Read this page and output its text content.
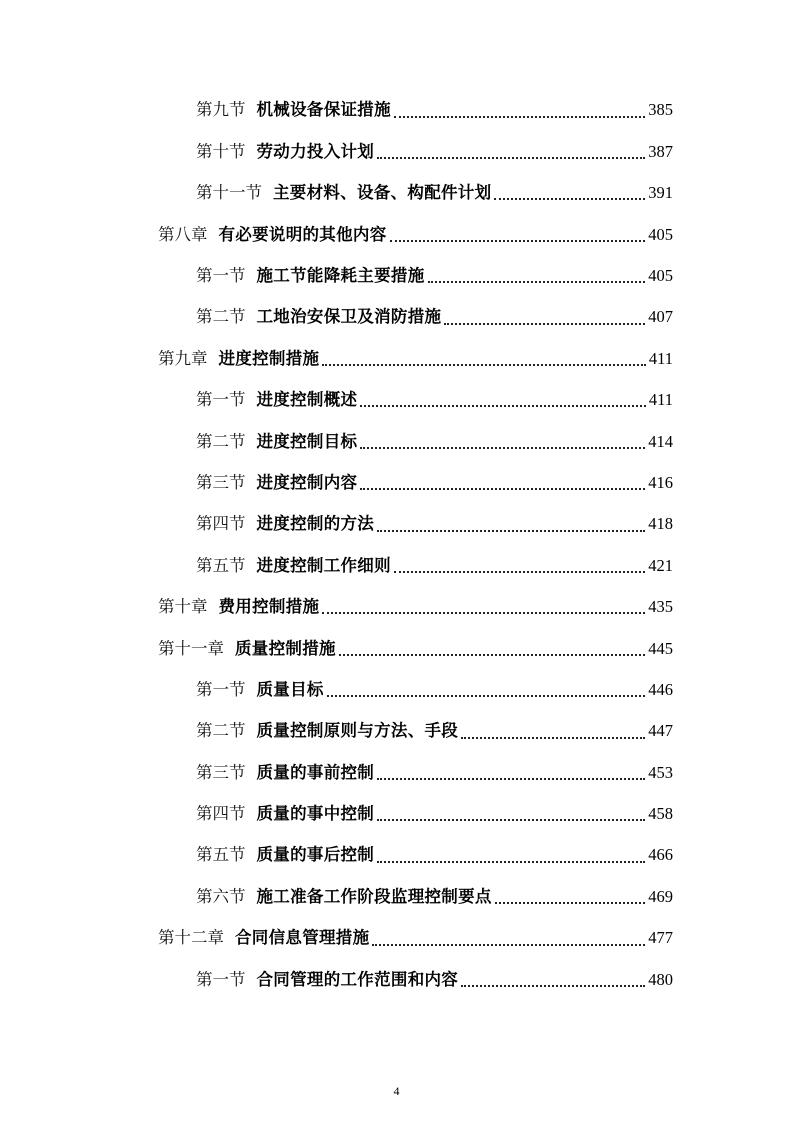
第九节 机械设备保证措施	385
第十节 劳动力投入计划	387
第十一节 主要材料、设备、构配件计划	391
第八章 有必要说明的其他内容	405
第一节 施工节能降耗主要措施	405
第二节 工地治安保卫及消防措施	407
第九章 进度控制措施	411
第一节 进度控制概述	411
第二节 进度控制目标	414
第三节 进度控制内容	416
第四节 进度控制的方法	418
第五节 进度控制工作细则	421
第十章 费用控制措施	435
第十一章 质量控制措施	445
第一节 质量目标	446
第二节 质量控制原则与方法、手段	447
第三节 质量的事前控制	453
第四节 质量的事中控制	458
第五节 质量的事后控制	466
第六节 施工准备工作阶段监理控制要点	469
第十二章 合同信息管理措施	477
第一节 合同管理的工作范围和内容	480
4
